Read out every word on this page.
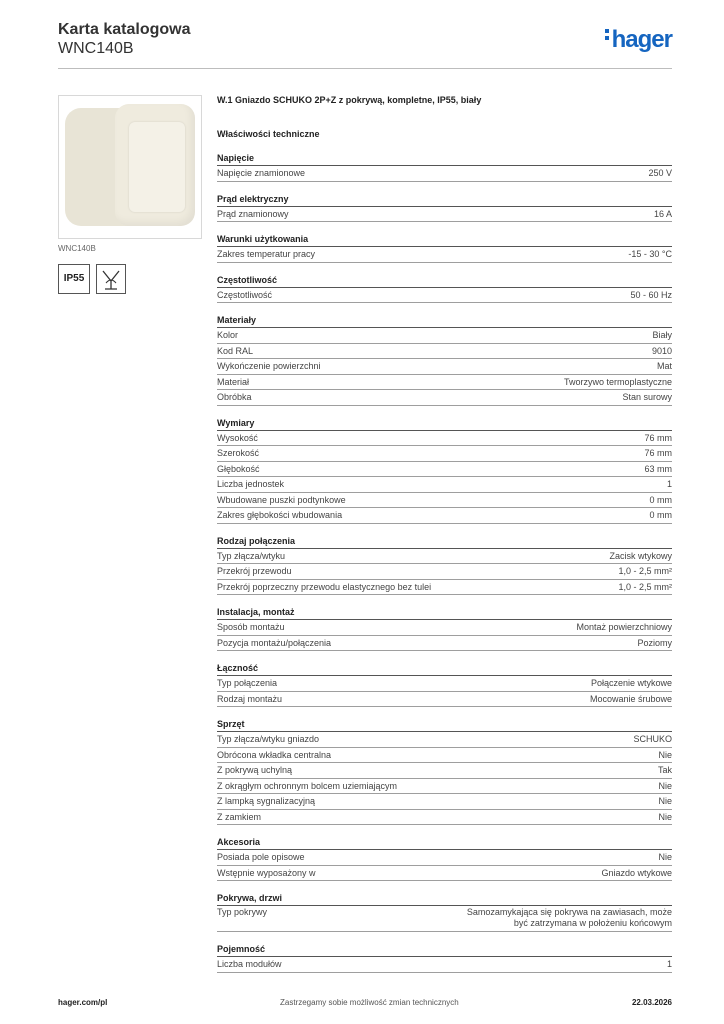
Karta katalogowa
WNC140B	hager
WNC140B
IP55
W.1 Gniazdo SCHUKO 2P+Z z pokrywą, kompletne, IP55, biały
Właściwości techniczne
Napięcie
Napięcie znamionowe	250 V
Prąd elektryczny
Prąd znamionowy	16 A
Warunki użytkowania
Zakres temperatur pracy	-15 - 30 °C
Częstotliwość
Częstotliwość	50 - 60 Hz
Materiały
Kolor	Biały
Kod RAL	9010
Wykończenie powierzchni	Mat
Materiał	Tworzywo termoplastyczne
Obróbka	Stan surowy
Wymiary
Wysokość	76 mm
Szerokość	76 mm
Głębokość	63 mm
Liczba jednostek	1
Wbudowane puszki podtynkowe	0 mm
Zakres głębokości wbudowania	0 mm
Rodzaj połączenia
Typ złącza/wtyku	Zacisk wtykowy
Przekrój przewodu	1,0 - 2,5 mm²
Przekrój poprzeczny przewodu elastycznego bez tulei	1,0 - 2,5 mm²
Instalacja, montaż
Sposób montażu	Montaż powierzchniowy
Pozycja montażu/połączenia	Poziomy
Łączność
Typ połączenia	Połączenie wtykowe
Rodzaj montażu	Mocowanie śrubowe
Sprzęt
Typ złącza/wtyku gniazdo	SCHUKO
Obrócona wkładka centralna	Nie
Z pokrywą uchylną	Tak
Z okrągłym ochronnym bolcem uziemiającym	Nie
Z lampką sygnalizacyjną	Nie
Z zamkiem	Nie
Akcesoria
Posiada pole opisowe	Nie
Wstępnie wyposażony w	Gniazdo wtykowe
Pokrywa, drzwi
Typ pokrywy	Samozamykająca się pokrywa na zawiasach, może
być zatrzymana w położeniu końcowym
Pojemność
Liczba modułów	1
hager.com/pl	Zastrzegamy sobie możliwość zmian technicznych	22.03.2026
